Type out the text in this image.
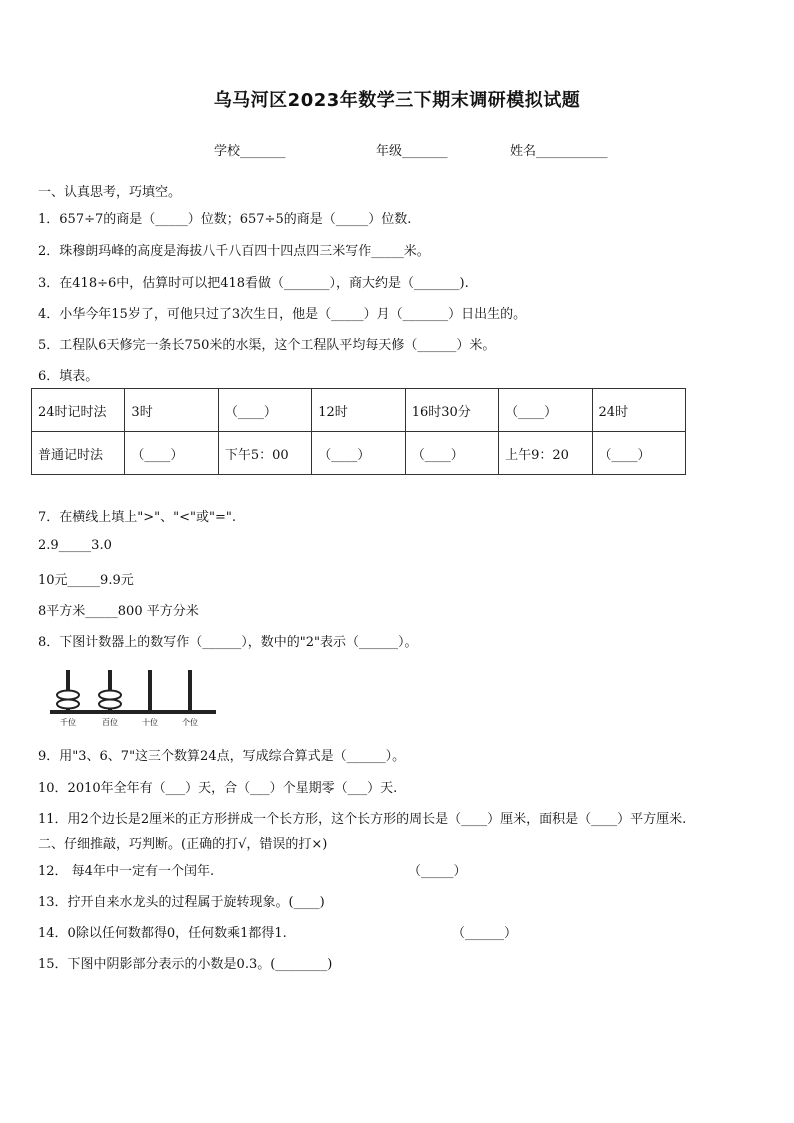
乌马河区2023年数学三下期末调研模拟试题
学校_______	年级_______	姓名___________
一、认真思考，巧填空。
1．657÷7的商是（_____）位数；657÷5的商是（_____）位数.
2．珠穆朗玛峰的高度是海拔八千八百四十四点四三米写作_____米。
3．在418÷6中，估算时可以把418看做（_______），商大约是（_______).
4．小华今年15岁了，可他只过了3次生日，他是（_____）月（_______）日出生的。
5．工程队6天修完一条长750米的水渠，这个工程队平均每天修（______）米。
6．填表。
24时记时法	3时	（____）	12时	16时30分	（____）	24时
普通记时法	（____）	下午5：00	（____）	（____）	上午9：20	（____）
7．在横线上填上">"、"<"或"=".
2.9_____3.0
10元_____9.9元
8平方米_____800 平方分米
8．下图计数器上的数写作（______），数中的"2"表示（______）。
千位	百位	十位	个位
9．用"3、6、7"这三个数算24点，写成综合算式是（______）。
10．2010年全年有（___）天，合（___）个星期零（___）天.
11．用2个边长是2厘米的正方形拼成一个长方形，这个长方形的周长是（____）厘米，面积是（____）平方厘米.
二、仔细推敲，巧判断。(正确的打√，错误的打×)
12． 每4年中一定有一个闰年.	（_____）
13．拧开自来水龙头的过程属于旋转现象。(____)
14．0除以任何数都得0，任何数乘1都得1.	（______）
15．下图中阴影部分表示的小数是0.3。(________)
